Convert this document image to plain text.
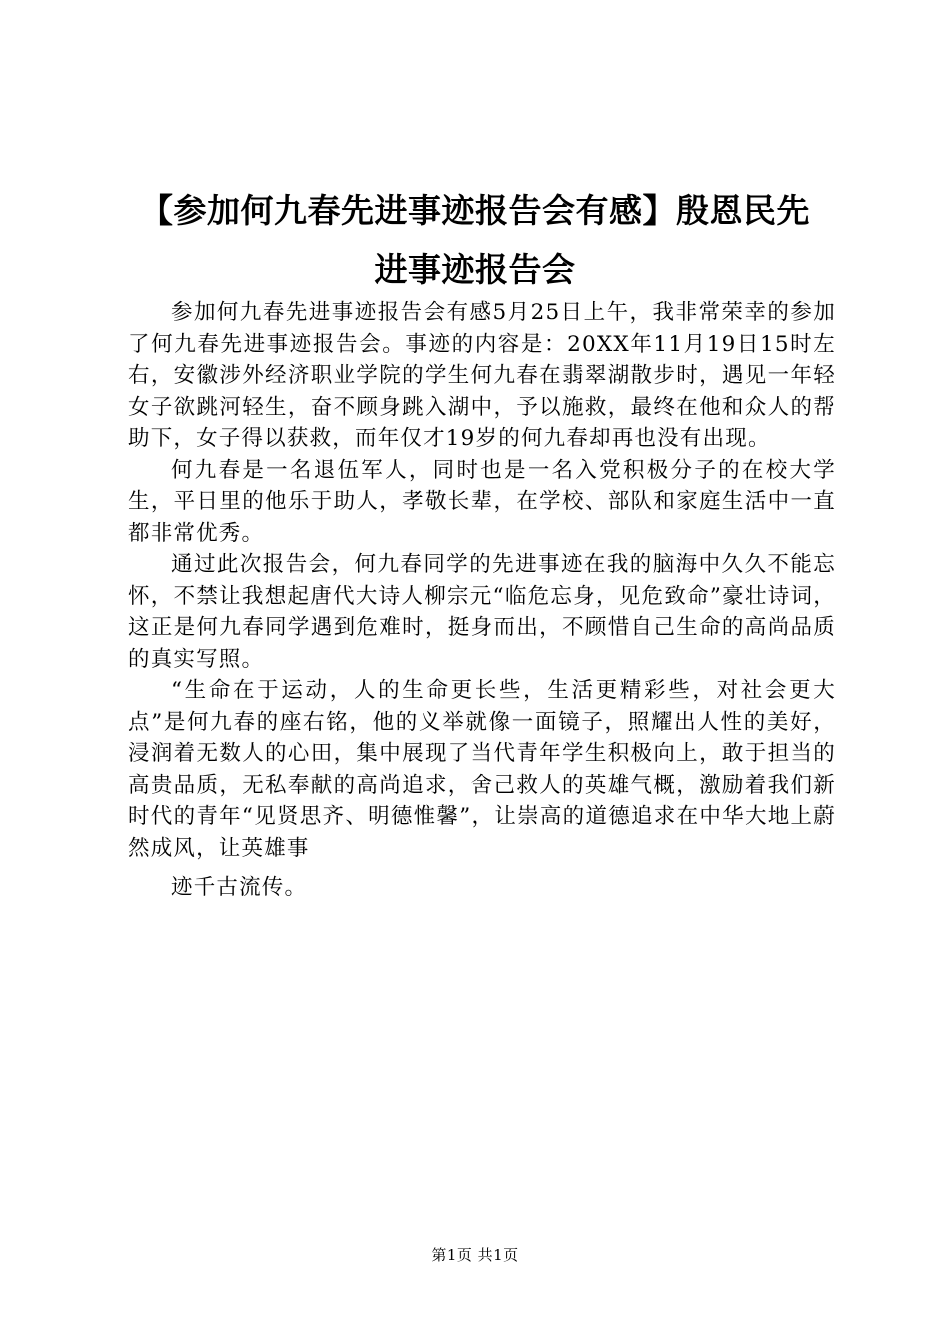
【参加何九春先进事迹报告会有感】殷恩民先
进事迹报告会

参加何九春先进事迹报告会有感5月25日上午，我非常荣幸的参加了何九春先进事迹报告会。事迹的内容是：20XX年11月19日15时左右，安徽涉外经济职业学院的学生何九春在翡翠湖散步时，遇见一年轻女子欲跳河轻生，奋不顾身跳入湖中，予以施救，最终在他和众人的帮助下，女子得以获救，而年仅才19岁的何九春却再也没有出现。

何九春是一名退伍军人，同时也是一名入党积极分子的在校大学生，平日里的他乐于助人，孝敬长辈，在学校、部队和家庭生活中一直都非常优秀。

通过此次报告会，何九春同学的先进事迹在我的脑海中久久不能忘怀，不禁让我想起唐代大诗人柳宗元“临危忘身，见危致命”豪壮诗词，这正是何九春同学遇到危难时，挺身而出，不顾惜自己生命的高尚品质的真实写照。

“生命在于运动，人的生命更长些，生活更精彩些，对社会更大点”是何九春的座右铭，他的义举就像一面镜子，照耀出人性的美好，浸润着无数人的心田，集中展现了当代青年学生积极向上，敢于担当的高贵品质，无私奉献的高尚追求，舍己救人的英雄气概，激励着我们新时代的青年“见贤思齐、明德惟馨”，让崇高的道德追求在中华大地上蔚然成风，让英雄事

迹千古流传。

第1页 共1页
